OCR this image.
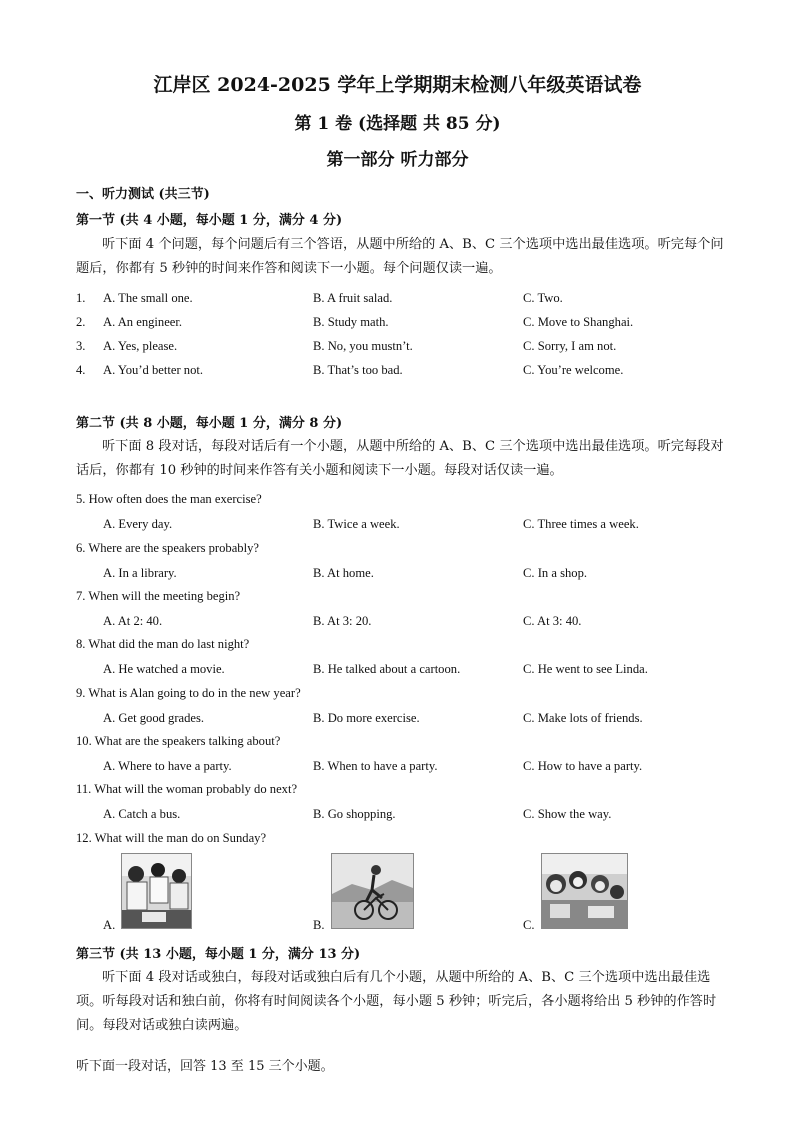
江岸区 2024-2025 学年上学期期末检测八年级英语试卷
第 1 卷 (选择题 共 85 分)
第一部分 听力部分
一、听力测试 (共三节)
第一节 (共 4 小题，每小题 1 分，满分 4 分)
听下面 4 个问题，每个问题后有三个答语，从题中所给的 A、B、C 三个选项中选出最佳选项。听完每个问题后，你都有 5 秒钟的时间来作答和阅读下一小题。每个问题仅读一遍。
1. A. The small one.	B. A fruit salad.	C. Two.
2. A. An engineer.	B. Study math.	C. Move to Shanghai.
3. A. Yes, please.	B. No, you mustn’t.	C. Sorry, I am not.
4. A. You’d better not.	B. That’s too bad.	C. You’re welcome.
第二节 (共 8 小题，每小题 1 分，满分 8 分)
听下面 8 段对话，每段对话后有一个小题，从题中所给的 A、B、C 三个选项中选出最佳选项。听完每段对话后，你都有 10 秒钟的时间来作答有关小题和阅读下一小题。每段对话仅读一遍。
5. How often does the man exercise?
A. Every day.	B. Twice a week.	C. Three times a week.
6. Where are the speakers probably?
A. In a library.	B. At home.	C. In a shop.
7. When will the meeting begin?
A. At 2: 40.	B. At 3: 20.	C. At 3: 40.
8. What did the man do last night?
A. He watched a movie.	B. He talked about a cartoon.	C. He went to see Linda.
9. What is Alan going to do in the new year?
A. Get good grades.	B. Do more exercise.	C. Make lots of friends.
10. What are the speakers talking about?
A. Where to have a party.	B. When to have a party.	C. How to have a party.
11. What will the woman probably do next?
A. Catch a bus.	B. Go shopping.	C. Show the way.
12. What will the man do on Sunday?
A.	B.	C.
第三节 (共 13 小题，每小题 1 分，满分 13 分)
听下面 4 段对话或独白，每段对话或独白后有几个小题，从题中所给的 A、B、C 三个选项中选出最佳选项。听每段对话和独白前，你将有时间阅读各个小题，每小题 5 秒钟；听完后，各小题将给出 5 秒钟的作答时间。每段对话或独白读两遍。
听下面一段对话，回答 13 至 15 三个小题。
